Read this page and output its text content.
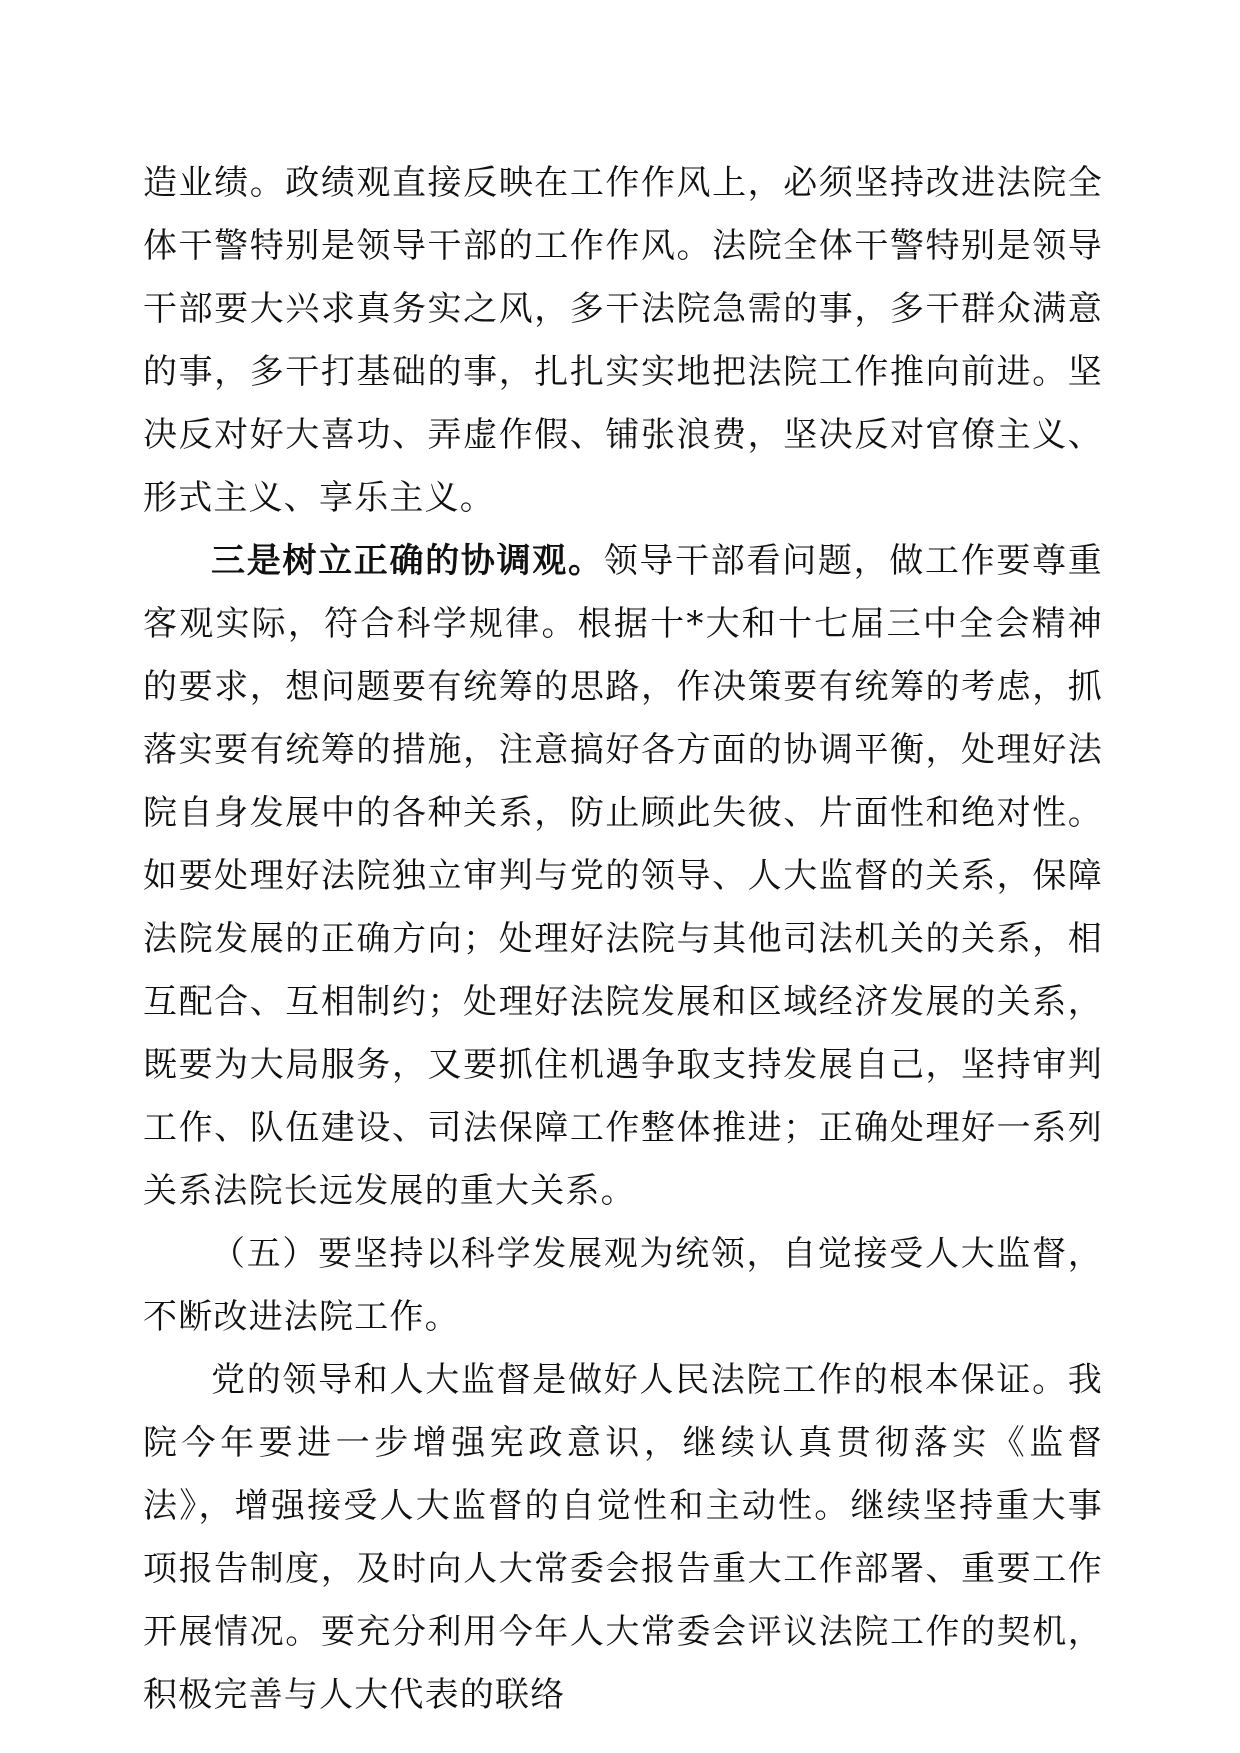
造业绩。政绩观直接反映在工作作风上，必须坚持改进法院全体干警特别是领导干部的工作作风。法院全体干警特别是领导干部要大兴求真务实之风，多干法院急需的事，多干群众满意的事，多干打基础的事，扎扎实实地把法院工作推向前进。坚决反对好大喜功、弄虚作假、铺张浪费，坚决反对官僚主义、形式主义、享乐主义。

三是树立正确的协调观。领导干部看问题，做工作要尊重客观实际，符合科学规律。根据十*大和十七届三中全会精神的要求，想问题要有统筹的思路，作决策要有统筹的考虑，抓落实要有统筹的措施，注意搞好各方面的协调平衡，处理好法院自身发展中的各种关系，防止顾此失彼、片面性和绝对性。如要处理好法院独立审判与党的领导、人大监督的关系，保障法院发展的正确方向；处理好法院与其他司法机关的关系，相互配合、互相制约；处理好法院发展和区域经济发展的关系，既要为大局服务，又要抓住机遇争取支持发展自己，坚持审判工作、队伍建设、司法保障工作整体推进；正确处理好一系列关系法院长远发展的重大关系。

（五）要坚持以科学发展观为统领，自觉接受人大监督，不断改进法院工作。

党的领导和人大监督是做好人民法院工作的根本保证。我院今年要进一步增强宪政意识，继续认真贯彻落实《监督法》，增强接受人大监督的自觉性和主动性。继续坚持重大事项报告制度，及时向人大常委会报告重大工作部署、重要工作开展情况。要充分利用今年人大常委会评议法院工作的契机，积极完善与人大代表的联络
